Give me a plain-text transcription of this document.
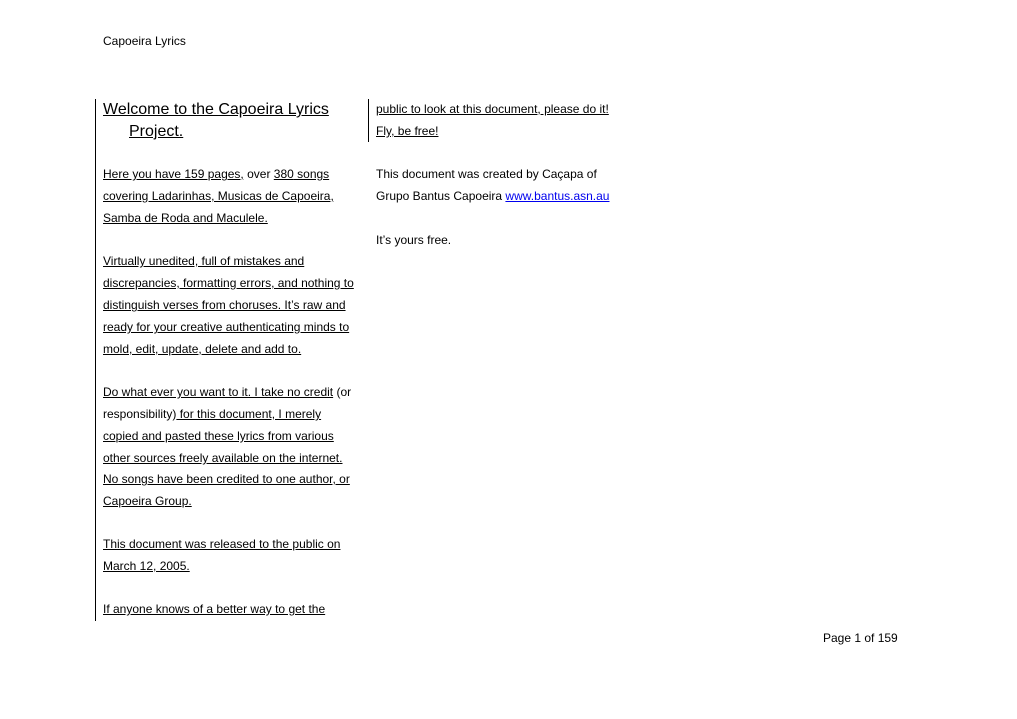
Capoeira Lyrics
Welcome to the Capoeira Lyrics
Project.
Here you have 159 pages, over 380 songs
covering Ladarinhas, Musicas de Capoeira,
Samba de Roda and Maculele.
Virtually unedited, full of mistakes and
discrepancies, formatting errors, and nothing to
distinguish verses from choruses. It’s raw and
ready for your creative authenticating minds to
mold, edit, update, delete and add to.
Do what ever you want to it. I take no credit (or
responsibility) for this document, I merely
copied and pasted these lyrics from various
other sources freely available on the internet.
No songs have been credited to one author, or
Capoeira Group.
This document was released to the public on
March 12, 2005.
If anyone knows of a better way to get the
public to look at this document, please do it!
Fly, be free!
This document was created by Caçapa of
Grupo Bantus Capoeira www.bantus.asn.au
It’s yours free.
Page 1 of 159
